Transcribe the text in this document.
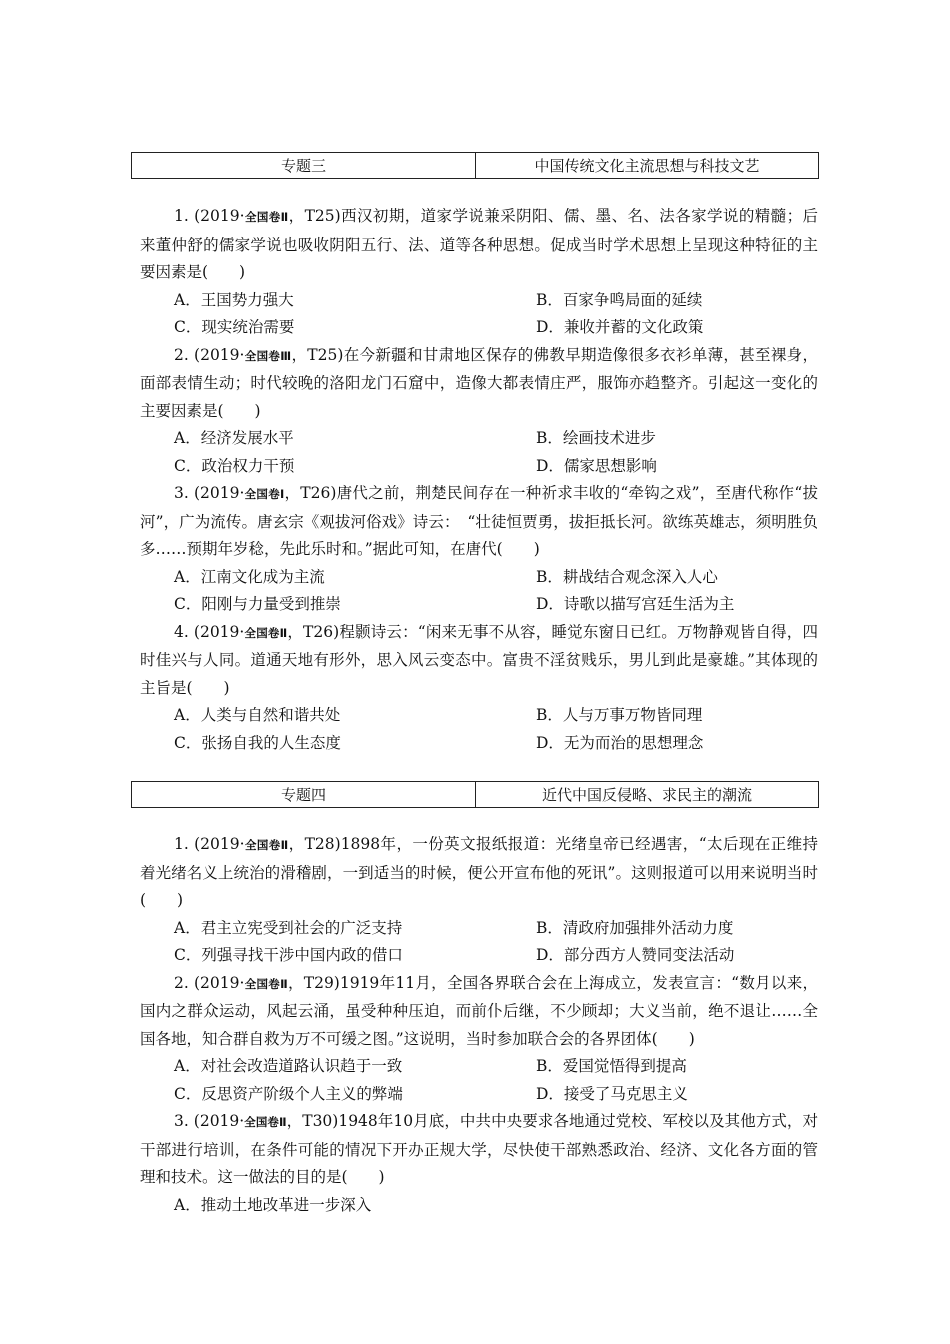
专题三	中国传统文化主流思想与科技文艺

1. (2019·全国卷Ⅱ，T25)西汉初期，道家学说兼采阴阳、儒、墨、名、法各家学说的精髓；后来董仲舒的儒家学说也吸收阴阳五行、法、道等各种思想。促成当时学术思想上呈现这种特征的主要因素是(　　)

A．王国势力强大	B．百家争鸣局面的延续
C．现实统治需要	D．兼收并蓄的文化政策

2. (2019·全国卷Ⅲ，T25)在今新疆和甘肃地区保存的佛教早期造像很多衣衫单薄，甚至裸身，面部表情生动；时代较晚的洛阳龙门石窟中，造像大都表情庄严，服饰亦趋整齐。引起这一变化的主要因素是(　　)

A．经济发展水平	B．绘画技术进步
C．政治权力干预	D．儒家思想影响

3. (2019·全国卷Ⅰ，T26)唐代之前，荆楚民间存在一种祈求丰收的“牵钩之戏”，至唐代称作“拔河”，广为流传。唐玄宗《观拔河俗戏》诗云：　“壮徒恒贾勇，拔拒抵长河。欲练英雄志，须明胜负多……预期年岁稔，先此乐时和。”据此可知，在唐代(　　)

A．江南文化成为主流	B．耕战结合观念深入人心
C．阳刚与力量受到推崇	D．诗歌以描写宫廷生活为主

4. (2019·全国卷Ⅱ，T26)程颢诗云：“闲来无事不从容，睡觉东窗日已红。万物静观皆自得，四时佳兴与人同。道通天地有形外，思入风云变态中。富贵不淫贫贱乐，男儿到此是豪雄。”其体现的主旨是(　　)

A．人类与自然和谐共处	B．人与万事万物皆同理
C．张扬自我的人生态度	D．无为而治的思想理念
专题四	近代中国反侵略、求民主的潮流

1. (2019·全国卷Ⅱ，T28)1898年，一份英文报纸报道：光绪皇帝已经遇害，“太后现在正维持着光绪名义上统治的滑稽剧，一到适当的时候，便公开宣布他的死讯”。这则报道可以用来说明当时(　　)

A．君主立宪受到社会的广泛支持	B．清政府加强排外活动力度
C．列强寻找干涉中国内政的借口	D．部分西方人赞同变法活动

2. (2019·全国卷Ⅱ，T29)1919年11月，全国各界联合会在上海成立，发表宣言：“数月以来，国内之群众运动，风起云涌，虽受种种压迫，而前仆后继，不少顾却；大义当前，绝不退让……全国各地，知合群自救为万不可缓之图。”这说明，当时参加联合会的各界团体(　　)

A．对社会改造道路认识趋于一致	B．爱国觉悟得到提高
C．反思资产阶级个人主义的弊端	D．接受了马克思主义

3. (2019·全国卷Ⅱ，T30)1948年10月底，中共中央要求各地通过党校、军校以及其他方式，对干部进行培训，在条件可能的情况下开办正规大学，尽快使干部熟悉政治、经济、文化各方面的管理和技术。这一做法的目的是(　　)

A．推动土地改革进一步深入
